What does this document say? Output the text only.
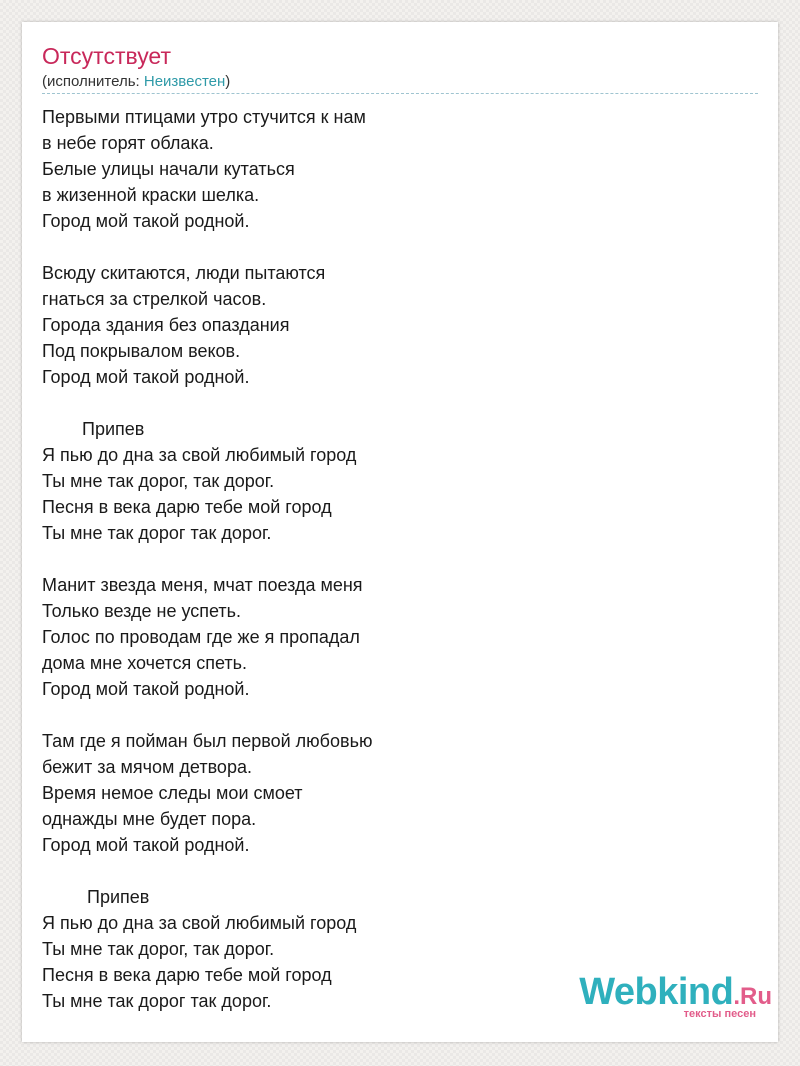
Отсутствует
(исполнитель: Неизвестен)
Первыми птицами утро стучится к нам
в небе горят облака.
Белые улицы начали кутаться
в жизенной краски шелка.
Город мой такой родной.
Всюду скитаются, люди пытаются
гнаться за стрелкой часов.
Города здания без опаздания
Под покрывалом веков.
Город мой такой родной.
Припев
Я пью до дна за свой любимый город
Ты мне так дорог, так дорог.
Песня в века дарю тебе мой город
Ты мне так дорог так дорог.
Манит звезда меня, мчат поезда меня
Только везде не успеть.
Голос по проводам где же я пропадал
дома мне хочется спеть.
Город мой такой родной.
Там где я пойман был первой любовью
бежит за мячом детвора.
Время немое следы мои смоет
однажды мне будет пора.
Город мой такой родной.
Припев
Я пью до дна за свой любимый город
Ты мне так дорог, так дорог.
Песня в века дарю тебе мой город
Ты мне так дорог так дорог.	Webkind.Ru
тексты песен
